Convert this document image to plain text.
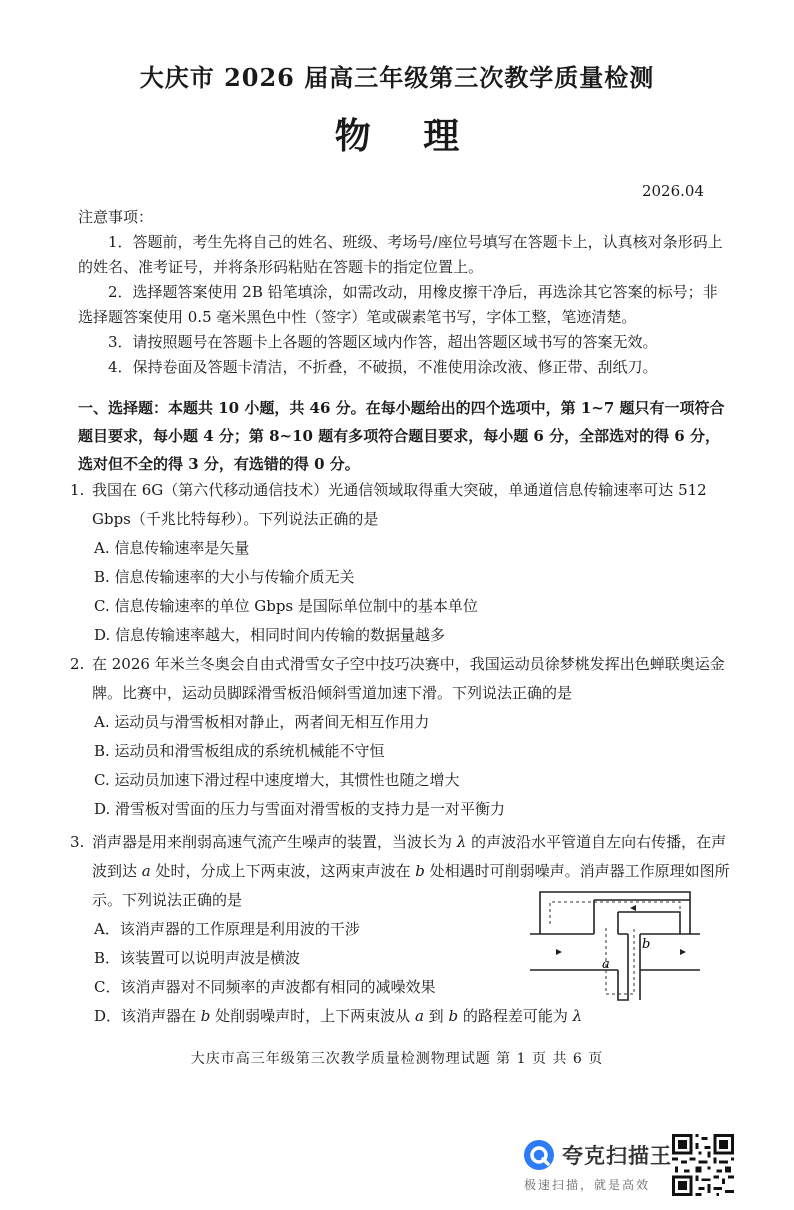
大庆市 2026 届高三年级第三次教学质量检测
物 理
2026.04

注意事项：

1．答题前，考生先将自己的姓名、班级、考场号/座位号填写在答题卡上，认真核对条形码上的姓名、准考证号，并将条形码粘贴在答题卡的指定位置上。

2．选择题答案使用 2B 铅笔填涂，如需改动，用橡皮擦干净后，再选涂其它答案的标号；非选择题答案使用 0.5 毫米黑色中性（签字）笔或碳素笔书写，字体工整，笔迹清楚。

3．请按照题号在答题卡上各题的答题区域内作答，超出答题区域书写的答案无效。

4．保持卷面及答题卡清洁，不折叠，不破损，不准使用涂改液、修正带、刮纸刀。

一、选择题：本题共 10 小题，共 46 分。在每小题给出的四个选项中，第 1~7 题只有一项符合题目要求，每小题 4 分；第 8~10 题有多项符合题目要求，每小题 6 分，全部选对的得 6 分，选对但不全的得 3 分，有选错的得 0 分。
1. 我国在 6G（第六代移动通信技术）光通信领域取得重大突破，单通道信息传输速率可达 512 Gbps（千兆比特每秒）。下列说法正确的是
A. 信息传输速率是矢量
B. 信息传输速率的大小与传输介质无关
C. 信息传输速率的单位 Gbps 是国际单位制中的基本单位
D. 信息传输速率越大，相同时间内传输的数据量越多
2. 在 2026 年米兰冬奥会自由式滑雪女子空中技巧决赛中，我国运动员徐梦桃发挥出色蝉联奥运金牌。比赛中，运动员脚踩滑雪板沿倾斜雪道加速下滑。下列说法正确的是
A. 运动员与滑雪板相对静止，两者间无相互作用力
B. 运动员和滑雪板组成的系统机械能不守恒
C. 运动员加速下滑过程中速度增大，其惯性也随之增大
D. 滑雪板对雪面的压力与雪面对滑雪板的支持力是一对平衡力
3. 消声器是用来削弱高速气流产生噪声的装置，当波长为 λ 的声波沿水平管道自左向右传播，在声波到达 a 处时，分成上下两束波，这两束声波在 b 处相遇时可削弱噪声。消声器工作原理如图所示。下列说法正确的是
A．该消声器的工作原理是利用波的干涉
B．该装置可以说明声波是横波
C．该消声器对不同频率的声波都有相同的减噪效果
D．该消声器在 b 处削弱噪声时，上下两束波从 a 到 b 的路程差可能为 λ
a
b
大庆市高三年级第三次教学质量检测物理试题 第 1 页 共 6 页
夸克扫描王
极速扫描，就是高效
